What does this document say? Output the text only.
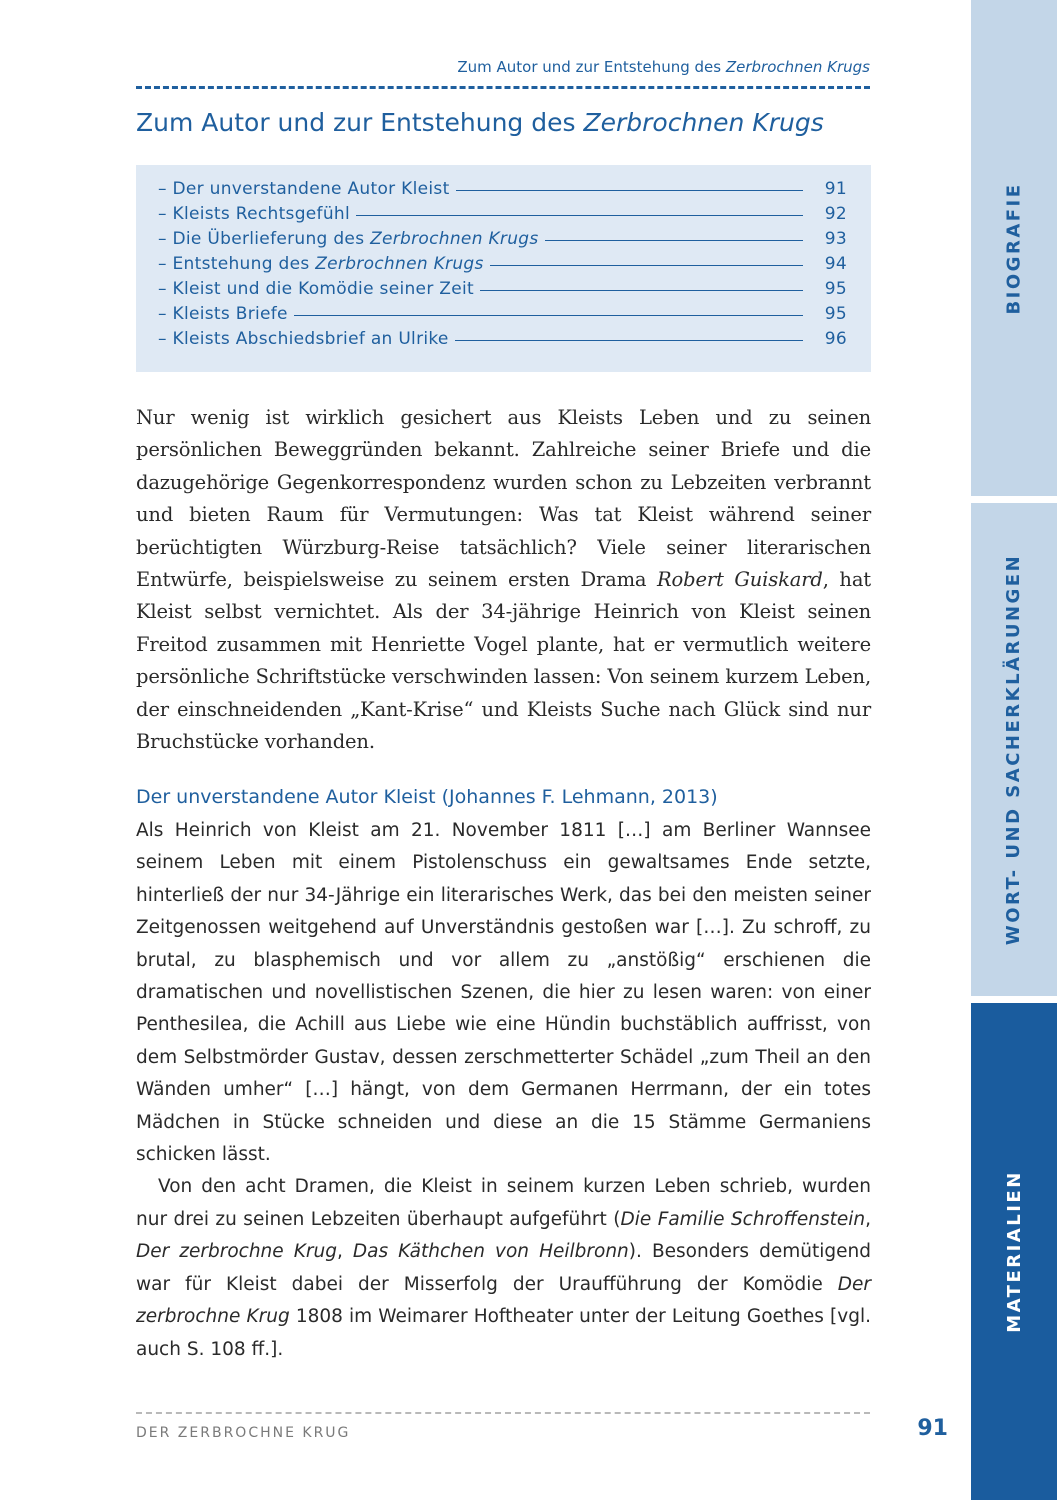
Zum Autor und zur Entstehung des Zerbrochnen Krugs
Zum Autor und zur Entstehung des Zerbrochnen Krugs
– Der unverstandene Autor Kleist	91
– Kleists Rechtsgefühl	92
– Die Überlieferung des Zerbrochnen Krugs	93
– Entstehung des Zerbrochnen Krugs	94
– Kleist und die Komödie seiner Zeit	95
– Kleists Briefe	95
– Kleists Abschiedsbrief an Ulrike	96

Nur wenig ist wirklich gesichert aus Kleists Leben und zu seinen persönlichen Beweggründen bekannt. Zahlreiche seiner Briefe und die dazugehörige Gegenkorrespondenz wurden schon zu Lebzeiten verbrannt und bieten Raum für Vermutungen: Was tat Kleist während seiner berüchtigten Würzburg-Reise tatsächlich? Viele seiner literarischen Entwürfe, beispielsweise zu seinem ersten Drama Robert Guiskard, hat Kleist selbst vernichtet. Als der 34-jährige Heinrich von Kleist seinen Freitod zusammen mit Henriette Vogel plante, hat er vermutlich weitere persönliche Schriftstücke verschwinden lassen: Von seinem kurzem Leben, der einschneidenden „Kant-Krise“ und Kleists Suche nach Glück sind nur Bruchstücke vorhanden.

Der unverstandene Autor Kleist (Johannes F. Lehmann, 2013)

Als Heinrich von Kleist am 21. November 1811 […] am Berliner Wannsee seinem Leben mit einem Pistolenschuss ein gewaltsames Ende setzte, hinterließ der nur 34-Jährige ein literarisches Werk, das bei den meisten seiner Zeitgenossen weitgehend auf Unverständnis gestoßen war […]. Zu schroff, zu brutal, zu blasphemisch und vor allem zu „anstößig“ erschienen die dramatischen und novellistischen Szenen, die hier zu lesen waren: von einer Penthesilea, die Achill aus Liebe wie eine Hündin buchstäblich auffrisst, von dem Selbstmörder Gustav, dessen zerschmetterter Schädel „zum Theil an den Wänden umher“ […] hängt, von dem Germanen Herrmann, der ein totes Mädchen in Stücke schneiden und diese an die 15 Stämme Germaniens schicken lässt.

Von den acht Dramen, die Kleist in seinem kurzen Leben schrieb, wurden nur drei zu seinen Lebzeiten überhaupt aufgeführt (Die Familie Schroffenstein, Der zerbrochne Krug, Das Käthchen von Heilbronn). Besonders demütigend war für Kleist dabei der Misserfolg der Uraufführung der Komödie Der zerbrochne Krug 1808 im Weimarer Hoftheater unter der Leitung Goethes [vgl. auch S. 108 ff.].

DER ZERBROCHNE KRUG	91
BIOGRAFIE
WORT- UND SACHERKLÄRUNGEN
MATERIALIEN
